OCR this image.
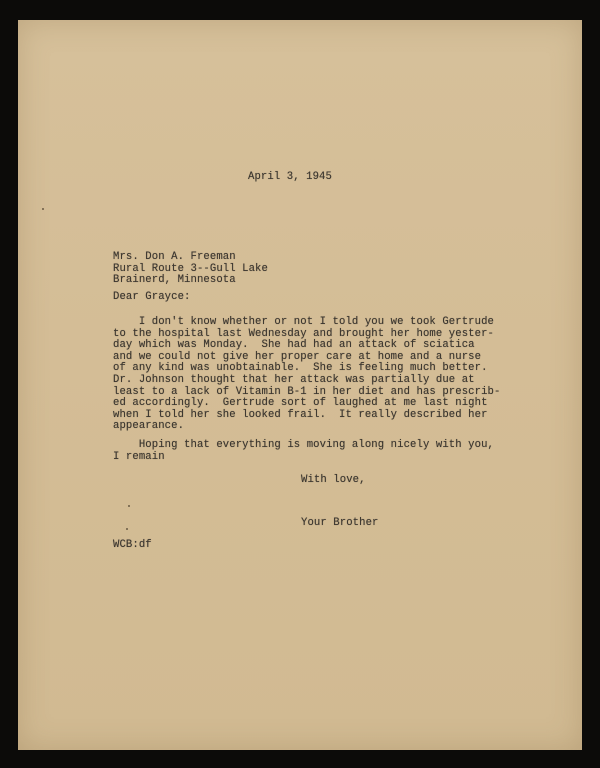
April 3, 1945
Mrs. Don A. Freeman
Rural Route 3--Gull Lake
Brainerd, Minnesota
Dear Grayce:
I don't know whether or not I told you we took Gertrude
to the hospital last Wednesday and brought her home yester-
day which was Monday.  She had had an attack of sciatica
and we could not give her proper care at home and a nurse
of any kind was unobtainable.  She is feeling much better.
Dr. Johnson thought that her attack was partially due at
least to a lack of Vitamin B-1 in her diet and has prescrib-
ed accordingly.  Gertrude sort of laughed at me last night
when I told her she looked frail.  It really described her
appearance.
Hoping that everything is moving along nicely with you,
I remain
With love,
Your Brother
WCB:df
